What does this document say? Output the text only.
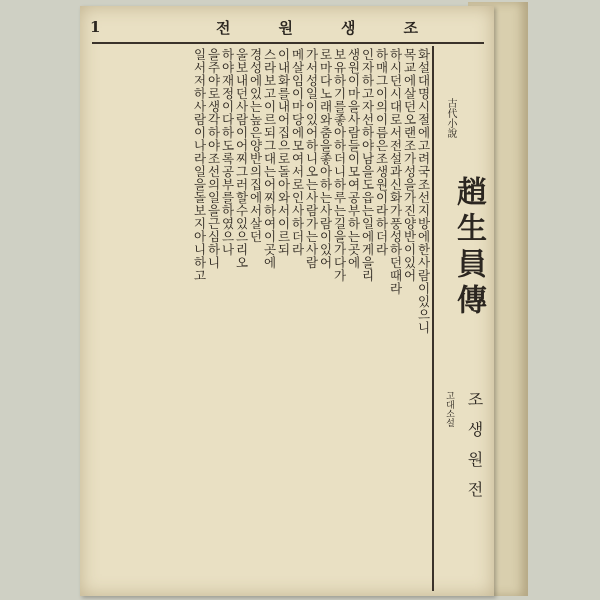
1	전원생조
화설대명시절에고려국조선지방에한사람이있으니
목교에살던오랜조가성을가진양반이있어
하시던시대로서전설과신화가풍성하던때라
하매그이의이름은조생원이라하더라
인자하고자선하야남을도읍는일에게을리
생원이마을사람들이모여공부하는곳에
보유하기를좋아하더니하루는길을가다가
로마다노래와춤을좋아하는사람이있어
가서성일이있어하니오는사람가는사람
메살임이마당에모여서로인사하더라
이내화를내어집으로돌아와서이르되
스라보고이르되그대는어찌하여이곳에
경성에있는높은양반의집에서살던
울보내던사람이어찌그러할수있으리오
하야재정이다하도록공부를하였으나
을주야로생각하야조선의일을근심하니
일서저하사람이나라일을돌보지아니하고	古代小說
趙生員傳
고대소설 조생원전
